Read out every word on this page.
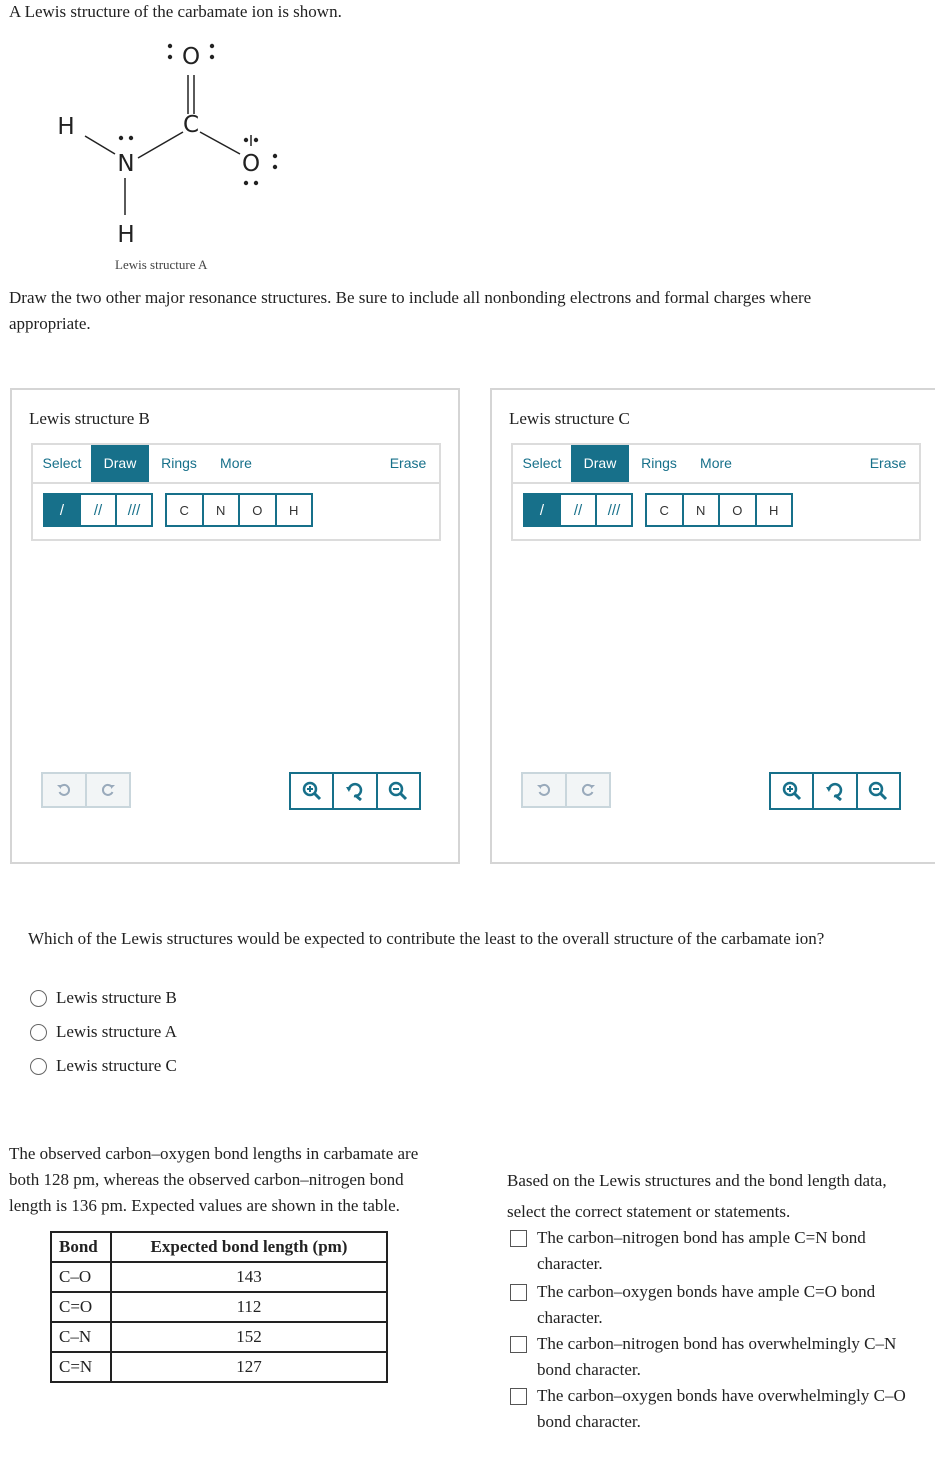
A Lewis structure of the carbamate ion is shown.
O
C
N	O
H
H
Lewis structure A
Draw the two other major resonance structures. Be sure to include all nonbonding electrons and formal charges where appropriate.
Lewis structure B
Select	Draw	Rings	More	Erase
/	//	///	C	N	O	H
Lewis structure C
Select	Draw	Rings	More	Erase
/	//	///	C	N	O	H
Which of the Lewis structures would be expected to contribute the least to the overall structure of the carbamate ion?
Lewis structure B
Lewis structure A
Lewis structure C
The observed carbon–oxygen bond lengths in carbamate are both 128 pm, whereas the observed carbon–nitrogen bond length is 136 pm. Expected values are shown in the table.
Bond	Expected bond length (pm)
C–O	143
C=O	112
C–N	152
C=N	127
Based on the Lewis structures and the bond length data, select the correct statement or statements.
The carbon–nitrogen bond has ample C=N bond character.
The carbon–oxygen bonds have ample C=O bond character.
The carbon–nitrogen bond has overwhelmingly C–N bond character.
The carbon–oxygen bonds have overwhelmingly C–O bond character.
